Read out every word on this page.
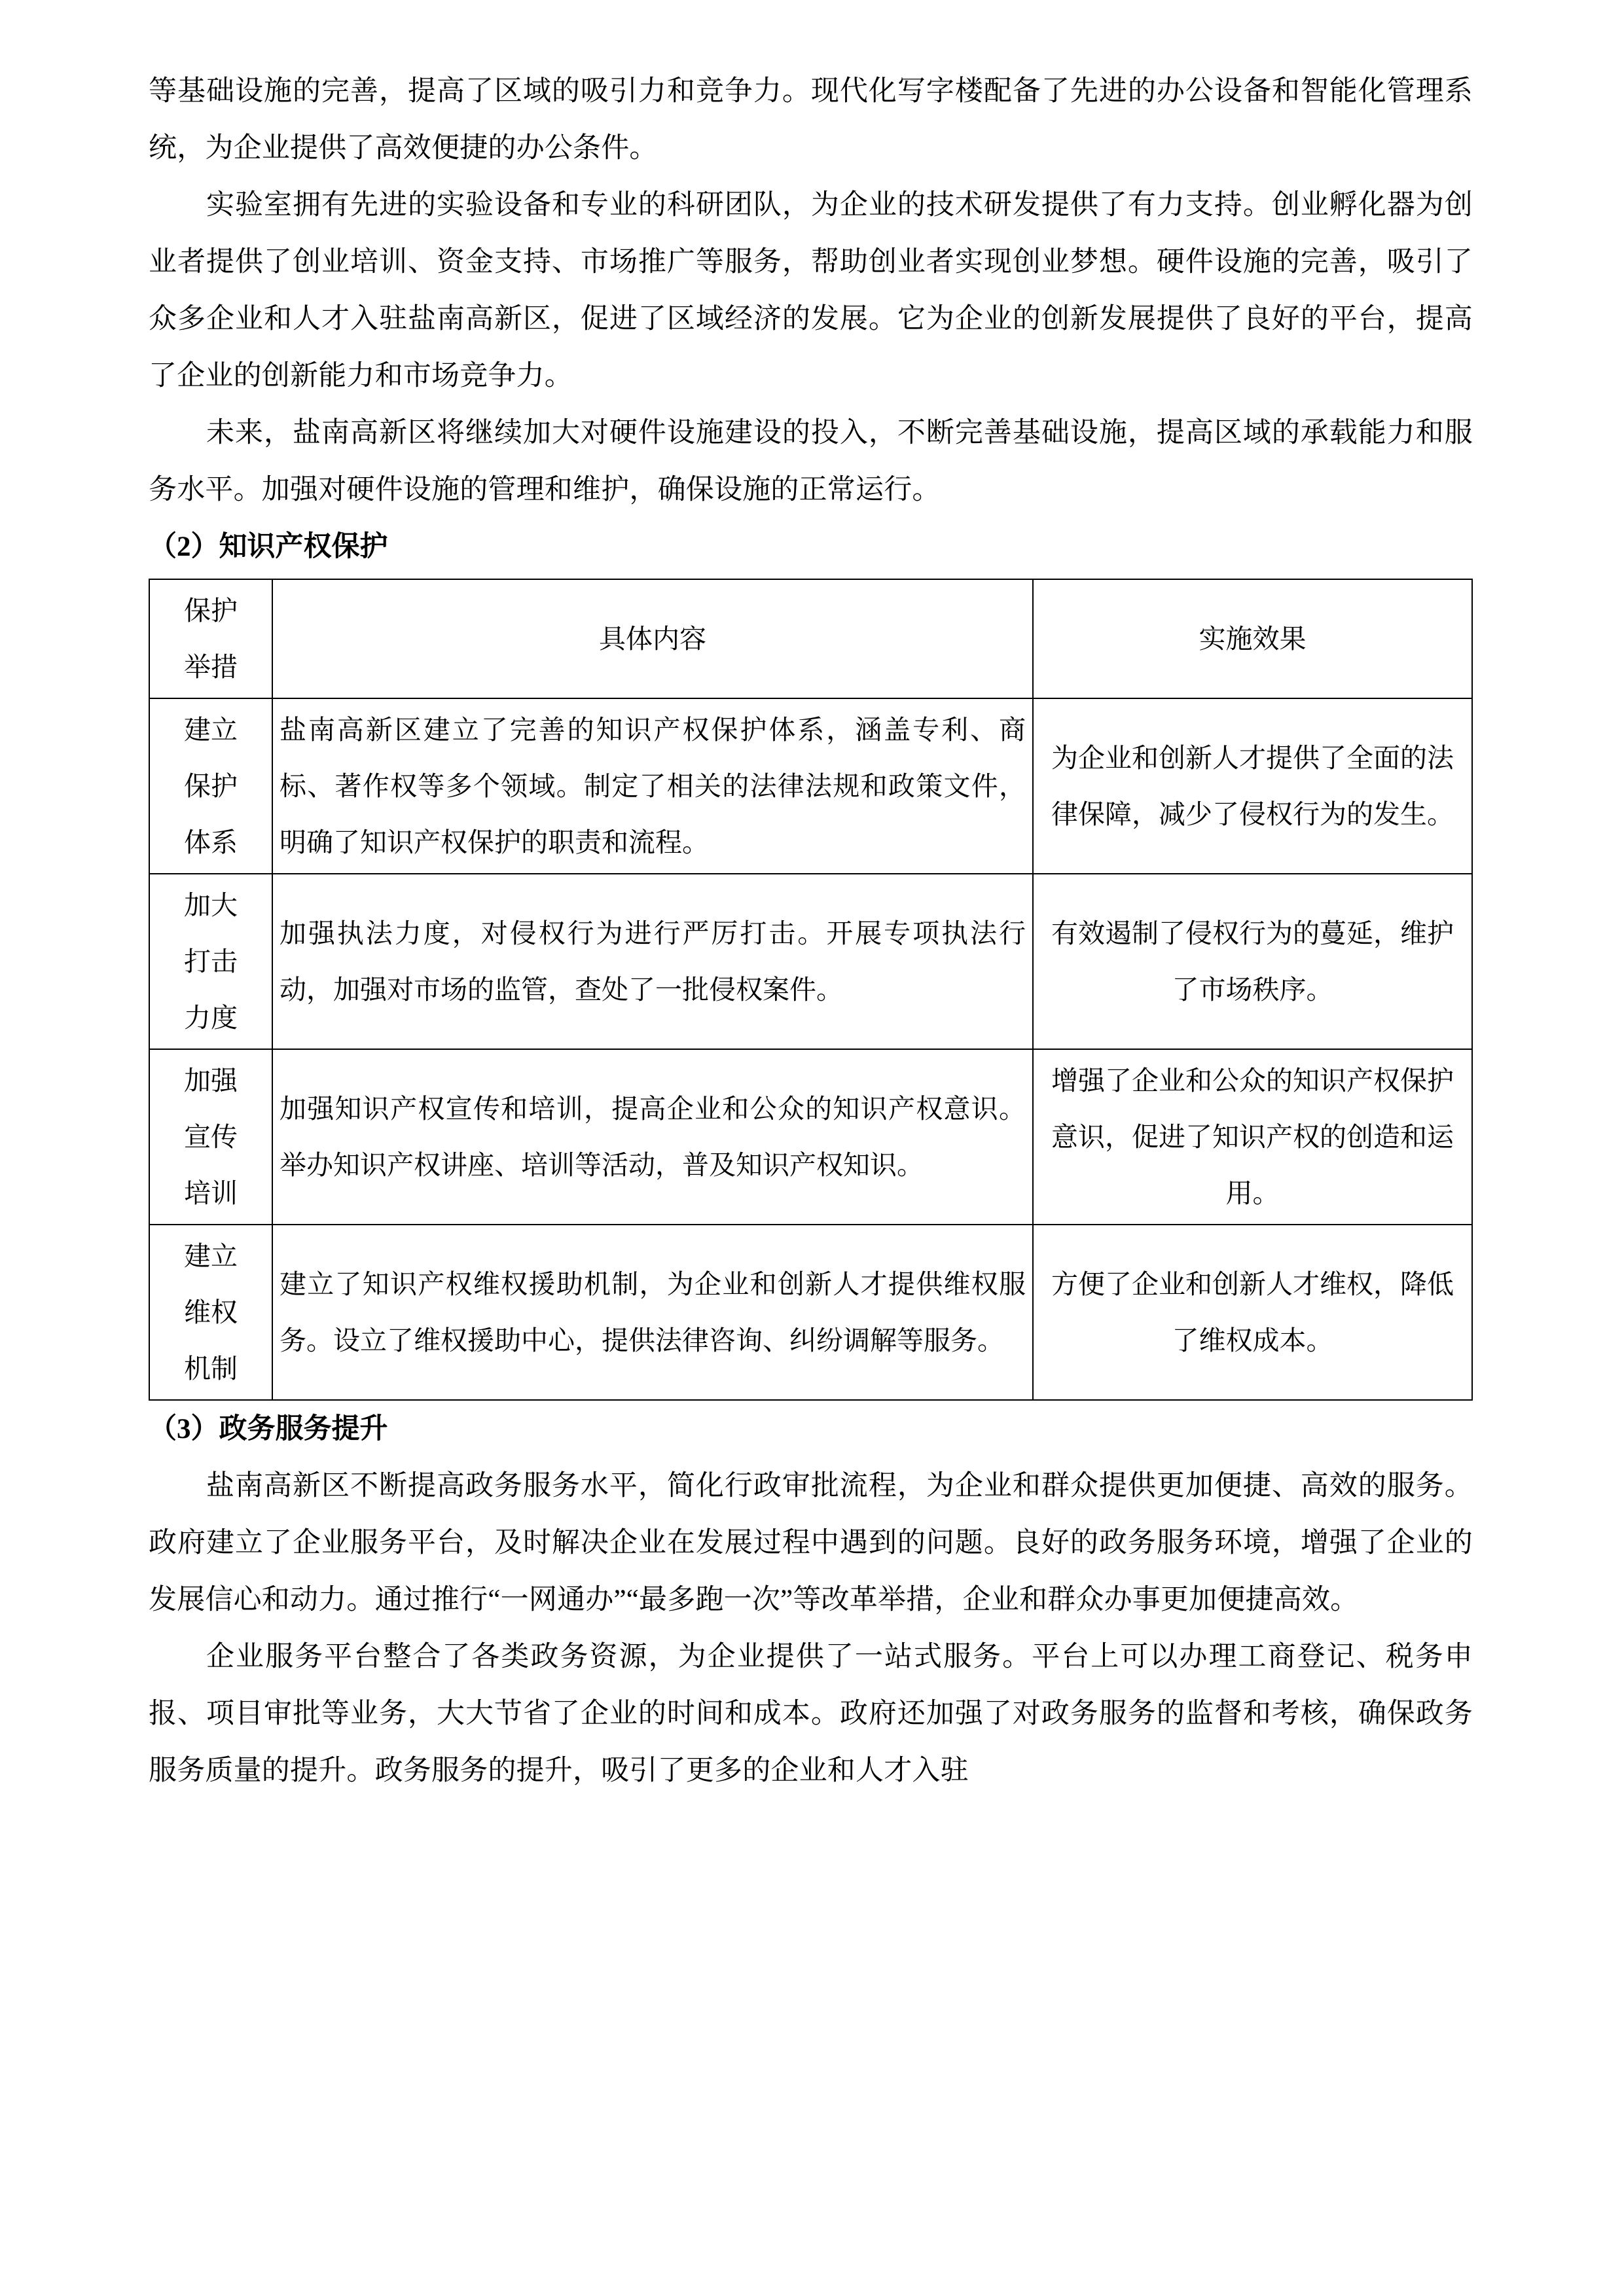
等基础设施的完善，提高了区域的吸引力和竞争力。现代化写字楼配备了先进的办公设备和智能化管理系统，为企业提供了高效便捷的办公条件。

实验室拥有先进的实验设备和专业的科研团队，为企业的技术研发提供了有力支持。创业孵化器为创业者提供了创业培训、资金支持、市场推广等服务，帮助创业者实现创业梦想。硬件设施的完善，吸引了众多企业和人才入驻盐南高新区，促进了区域经济的发展。它为企业的创新发展提供了良好的平台，提高了企业的创新能力和市场竞争力。

未来，盐南高新区将继续加大对硬件设施建设的投入，不断完善基础设施，提高区域的承载能力和服务水平。加强对硬件设施的管理和维护，确保设施的正常运行。

（2）知识产权保护
保护
举措	具体内容	实施效果

建立
保护
体系	盐南高新区建立了完善的知识产权保护体系，涵盖专利、商标、著作权等多个领域。制定了相关的法律法规和政策文件，明确了知识产权保护的职责和流程。	为企业和创新人才提供了全面的法律保障，减少了侵权行为的发生。

加大
打击
力度	加强执法力度，对侵权行为进行严厉打击。开展专项执法行动，加强对市场的监管，查处了一批侵权案件。	有效遏制了侵权行为的蔓延，维护了市场秩序。

加强
宣传
培训	加强知识产权宣传和培训，提高企业和公众的知识产权意识。举办知识产权讲座、培训等活动，普及知识产权知识。	增强了企业和公众的知识产权保护意识，促进了知识产权的创造和运用。

建立
维权
机制	建立了知识产权维权援助机制，为企业和创新人才提供维权服务。设立了维权援助中心，提供法律咨询、纠纷调解等服务。	方便了企业和创新人才维权，降低了维权成本。
（3）政务服务提升

盐南高新区不断提高政务服务水平，简化行政审批流程，为企业和群众提供更加便捷、高效的服务。政府建立了企业服务平台，及时解决企业在发展过程中遇到的问题。良好的政务服务环境，增强了企业的发展信心和动力。通过推行“一网通办”“最多跑一次”等改革举措，企业和群众办事更加便捷高效。

企业服务平台整合了各类政务资源，为企业提供了一站式服务。平台上可以办理工商登记、税务申报、项目审批等业务，大大节省了企业的时间和成本。政府还加强了对政务服务的监督和考核，确保政务服务质量的提升。政务服务的提升，吸引了更多的企业和人才入驻
